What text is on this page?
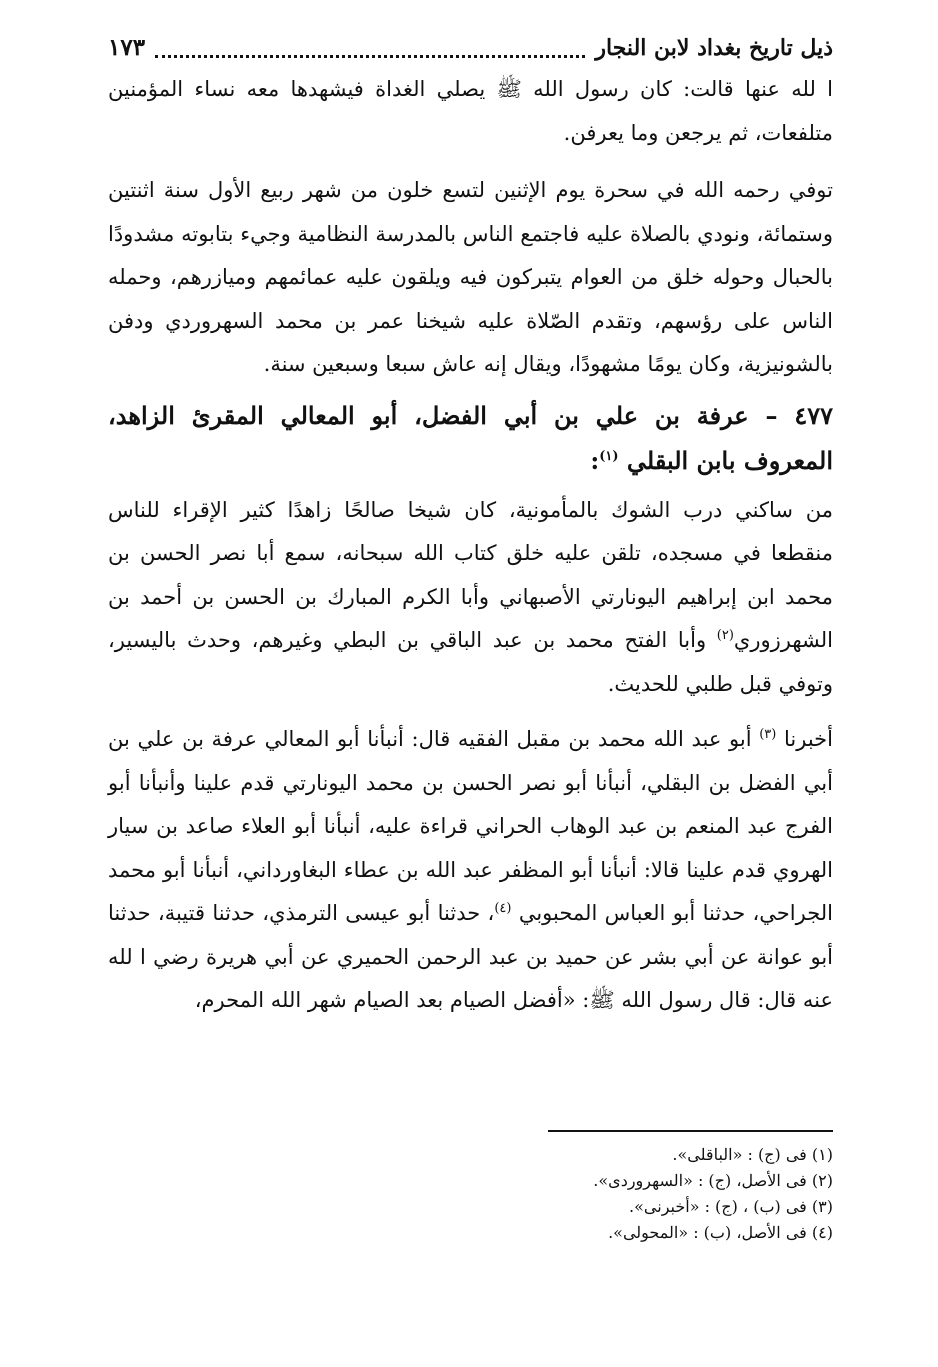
ذيل تاريخ بغداد لابن النجار
١٧٣

ا لله عنها قالت: كان رسول الله ﷺ يصلي الغداة فيشهدها معه نساء المؤمنين متلفعات، ثم يرجعن وما يعرفن.

توفي رحمه الله في سحرة يوم الإثنين لتسع خلون من شهر ربيع الأول سنة اثنتين وستمائة، ونودي بالصلاة عليه فاجتمع الناس بالمدرسة النظامية وجيء بتابوته مشدودًا بالحبال وحوله خلق من العوام يتبركون فيه ويلقون عليه عمائمهم وميازرهم، وحمله الناس على رؤسهم، وتقدم الصّلاة عليه شيخنا عمر بن محمد السهروردي ودفن بالشونيزية، وكان يومًا مشهودًا، ويقال إنه عاش سبعا وسبعين سنة.

٤٧٧ – عرفة بن علي بن أبي الفضل، أبو المعالي المقرئ الزاهد، المعروف بابن البقلي $^{(١)}$:

من ساكني درب الشوك بالمأمونية، كان شيخا صالحًا زاهدًا كثير الإقراء للناس منقطعا في مسجده، تلقن عليه خلق كتاب الله سبحانه، سمع أبا نصر الحسن بن محمد ابن إبراهيم اليونارتي الأصبهاني وأبا الكرم المبارك بن الحسن بن أحمد بن الشهرزوري$^{(٢)}$ وأبا الفتح محمد بن عبد الباقي بن البطي وغيرهم، وحدث باليسير، وتوفي قبل طلبي للحديث.

أخبرنا $^{(٣)}$ أبو عبد الله محمد بن مقبل الفقيه قال: أنبأنا أبو المعالي عرفة بن علي بن أبي الفضل بن البقلي، أنبأنا أبو نصر الحسن بن محمد اليونارتي قدم علينا وأنبأنا أبو الفرج عبد المنعم بن عبد الوهاب الحراني قراءة عليه، أنبأنا أبو العلاء صاعد بن سيار الهروي قدم علينا قالا: أنبأنا أبو المظفر عبد الله بن عطاء البغاورداني، أنبأنا أبو محمد الجراحي، حدثنا أبو العباس المحبوبي $^{(٤)}$، حدثنا أبو عيسى الترمذي، حدثنا قتيبة، حدثنا أبو عوانة عن أبي بشر عن حميد بن عبد الرحمن الحميري عن أبي هريرة رضي ا لله عنه قال: قال رسول الله ﷺ: «أفضل الصيام بعد الصيام شهر الله المحرم،

(١) فى (ج) : «الباقلى».
(٢) فى الأصل، (ج) : «السهروردى».
(٣) فى (ب) ، (ج) : «أخبرنى».
(٤) فى الأصل، (ب) : «المحولى».
